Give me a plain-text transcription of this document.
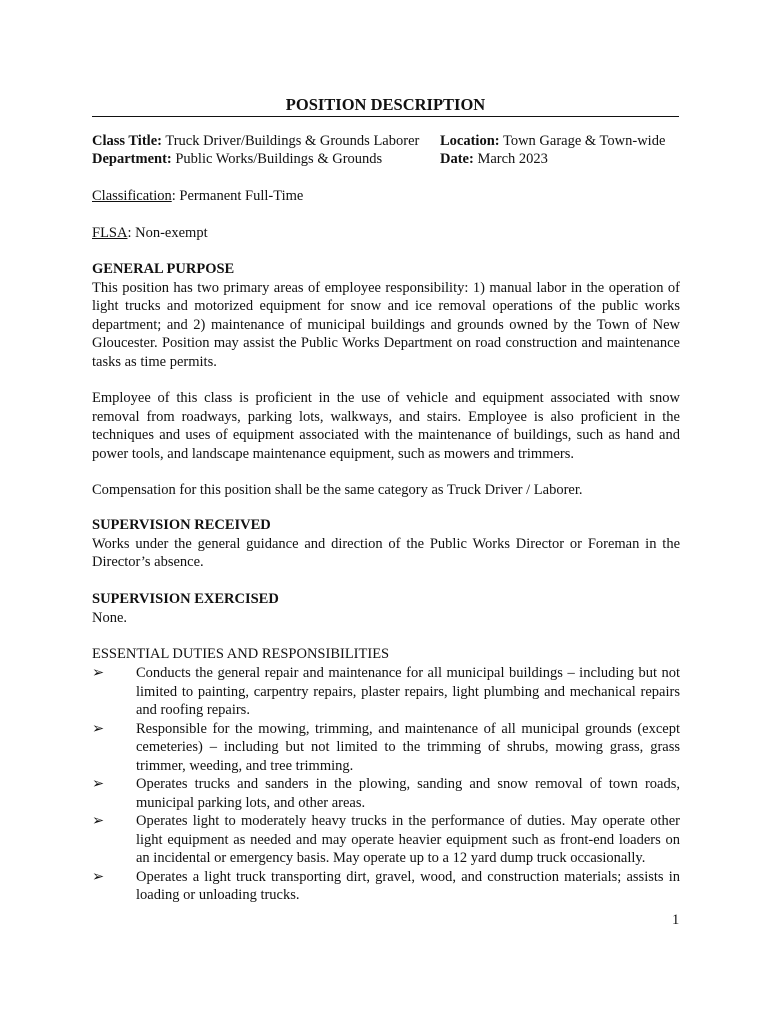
POSITION DESCRIPTION
Class Title: Truck Driver/Buildings & Grounds Laborer Location: Town Garage & Town-wide
Department: Public Works/Buildings & Grounds	Date: March 2023
Classification: Permanent Full-Time
FLSA: Non-exempt
GENERAL PURPOSE
This position has two primary areas of employee responsibility: 1) manual labor in the operation of light trucks and motorized equipment for snow and ice removal operations of the public works department; and 2) maintenance of municipal buildings and grounds owned by the Town of New Gloucester. Position may assist the Public Works Department on road construction and maintenance tasks as time permits.
Employee of this class is proficient in the use of vehicle and equipment associated with snow removal from roadways, parking lots, walkways, and stairs. Employee is also proficient in the techniques and uses of equipment associated with the maintenance of buildings, such as hand and power tools, and landscape maintenance equipment, such as mowers and trimmers.
Compensation for this position shall be the same category as Truck Driver / Laborer.
SUPERVISION RECEIVED
Works under the general guidance and direction of the Public Works Director or Foreman in the Director’s absence.
SUPERVISION EXERCISED
None.
ESSENTIAL DUTIES AND RESPONSIBILITIES

➢ Conducts the general repair and maintenance for all municipal buildings – including but not limited to painting, carpentry repairs, plaster repairs, light plumbing and mechanical repairs and roofing repairs.

➢ Responsible for the mowing, trimming, and maintenance of all municipal grounds (except cemeteries) – including but not limited to the trimming of shrubs, mowing grass, grass trimmer, weeding, and tree trimming.

➢ Operates trucks and sanders in the plowing, sanding and snow removal of town roads, municipal parking lots, and other areas.

➢ Operates light to moderately heavy trucks in the performance of duties. May operate other light equipment as needed and may operate heavier equipment such as front-end loaders on an incidental or emergency basis. May operate up to a 12 yard dump truck occasionally.

➢ Operates a light truck transporting dirt, gravel, wood, and construction materials; assists in loading or unloading trucks.

1
